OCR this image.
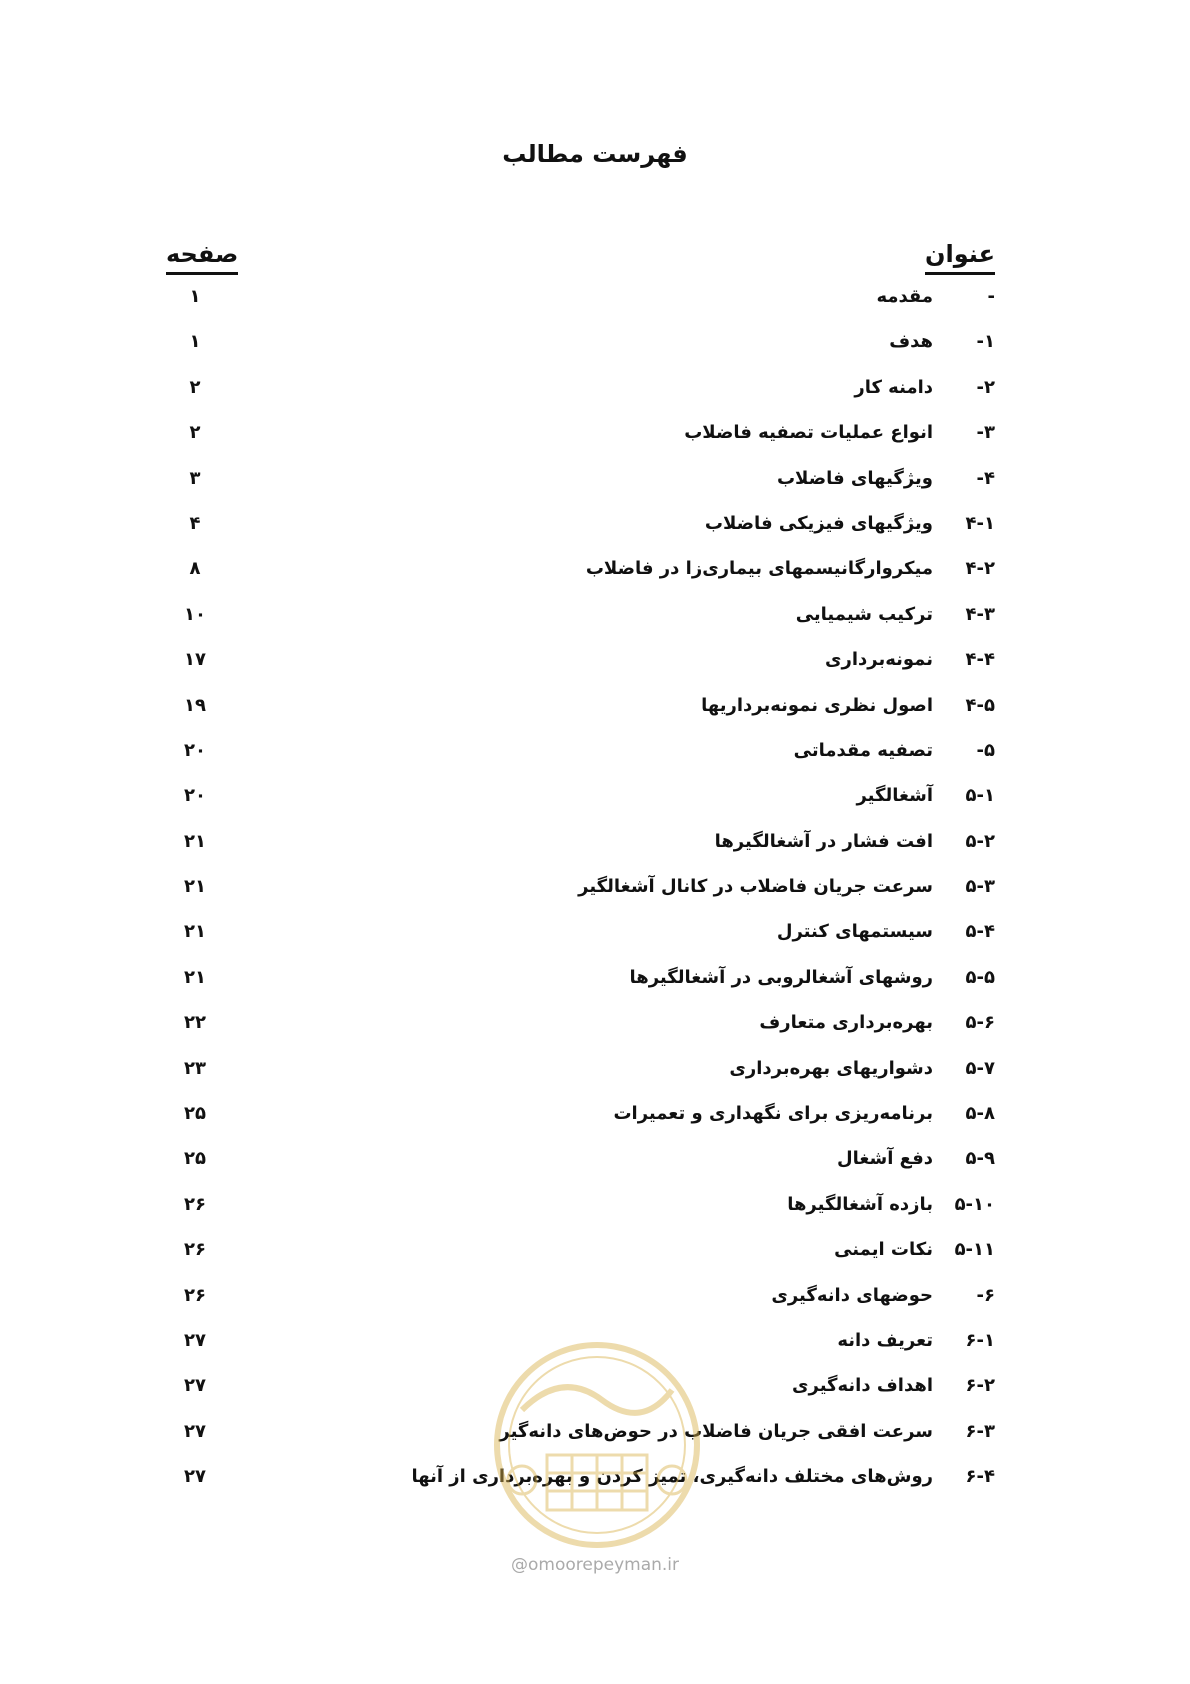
فهرست مطالب
عنوان
صفحه
-
مقدمه
۱
۱-
هدف
۱
۲-
دامنه کار
۲
۳-
انواع عملیات تصفیه فاضلاب
۲
۴-
ویژگیهای فاضلاب
۳
۴-۱
ویژگیهای فیزیکی فاضلاب
۴
۴-۲
میکروارگانیسمهای بیماری‌زا در فاضلاب
۸
۴-۳
ترکیب شیمیایی
۱۰
۴-۴
نمونه‌برداری
۱۷
۴-۵
اصول نظری نمونه‌برداریها
۱۹
۵-
تصفیه مقدماتی
۲۰
۵-۱
آشغالگیر
۲۰
۵-۲
افت فشار در آشغالگیرها
۲۱
۵-۳
سرعت جریان فاضلاب در کانال آشغالگیر
۲۱
۵-۴
سیستمهای کنترل
۲۱
۵-۵
روشهای آشغالروبی در آشغالگیرها
۲۱
۵-۶
بهره‌برداری متعارف
۲۲
۵-۷
دشواریهای بهره‌برداری
۲۳
۵-۸
برنامه‌ریزی برای نگهداری و تعمیرات
۲۵
۵-۹
دفع آشغال
۲۵
۵-۱۰
بازده آشغالگیرها
۲۶
۵-۱۱
نکات ایمنی
۲۶
۶-
حوضهای دانه‌گیری
۲۶
۶-۱
تعریف دانه
۲۷
۶-۲
اهداف دانه‌گیری
۲۷
۶-۳
سرعت افقی جریان فاضلاب در حوض‌های دانه‌گیر
۲۷
۶-۴
روش‌های مختلف دانه‌گیری، تمیز کردن و بهره‌برداری از آنها
۲۷
@omoorepeyman.ir
